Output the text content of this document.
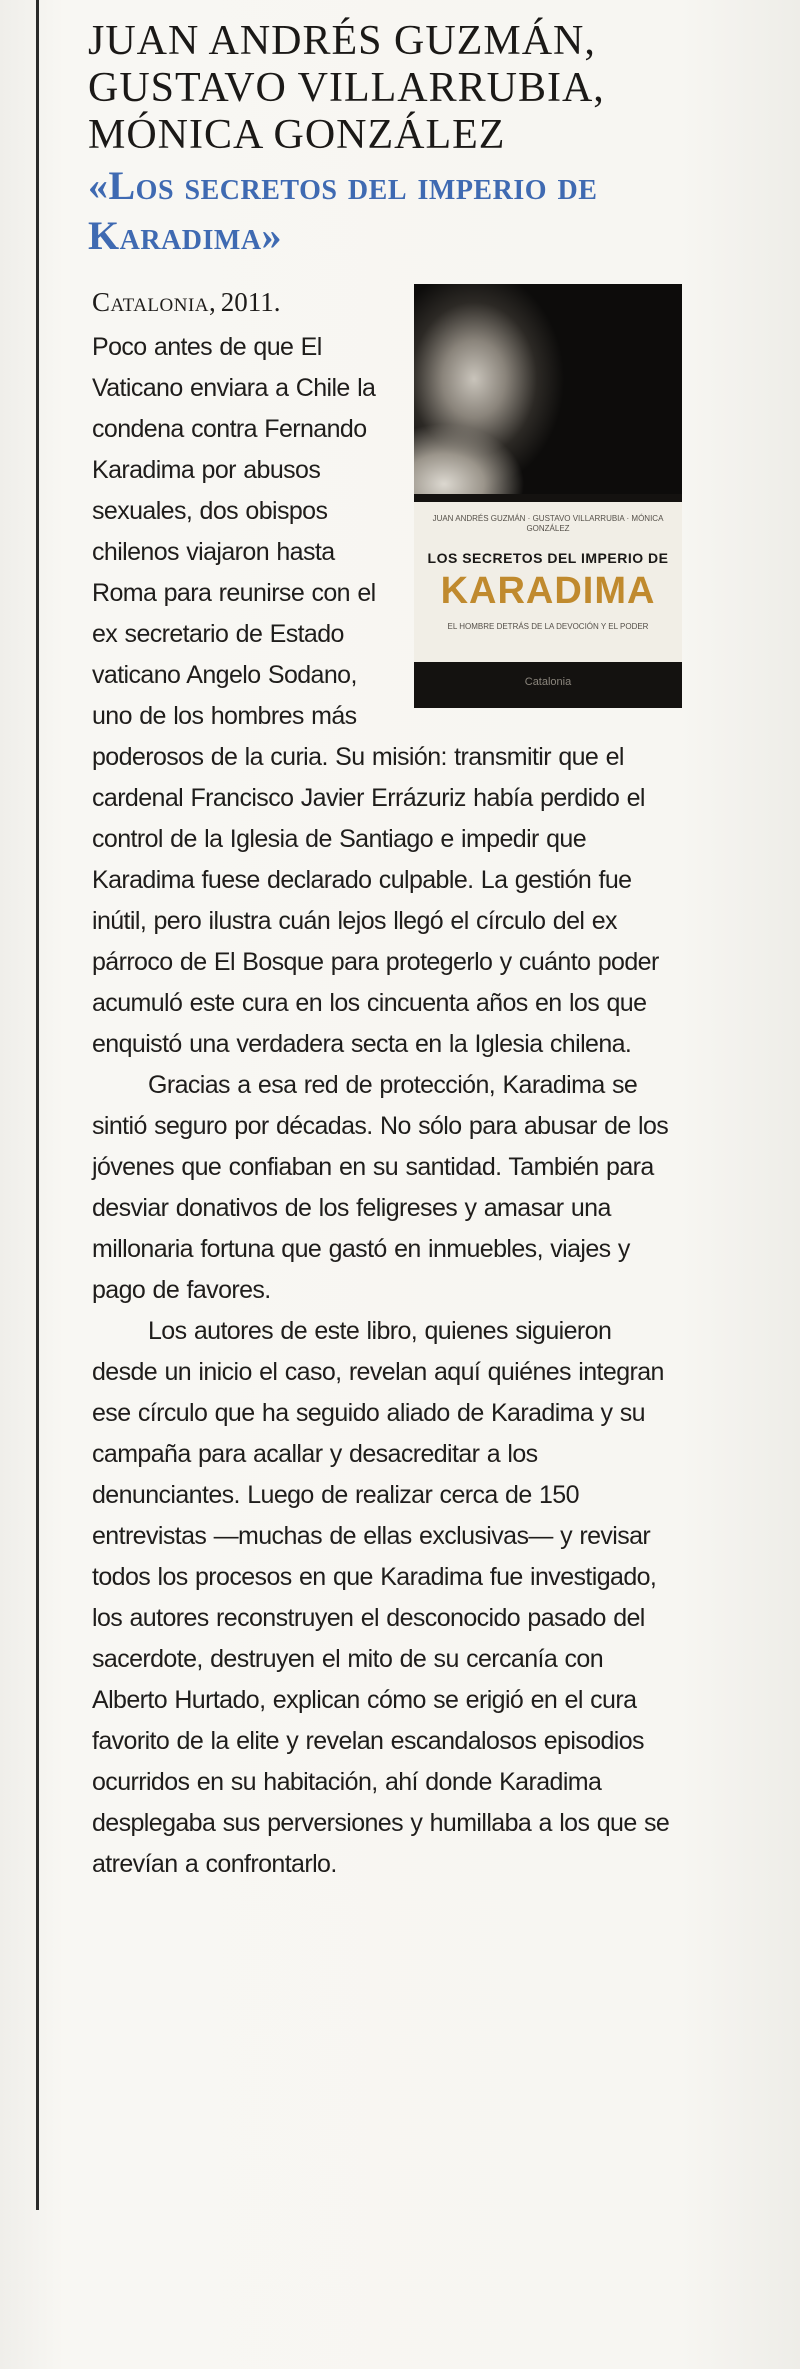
JUAN ANDRÉS GUZMÁN,
GUSTAVO VILLARRUBIA,
MÓNICA GONZÁLEZ
«Los secretos del imperio de Karadima»
JUAN ANDRÉS GUZMÁN · GUSTAVO VILLARRUBIA · MÓNICA GONZÁLEZ
LOS SECRETOS DEL IMPERIO DE
KARADIMA
EL HOMBRE DETRÁS DE LA DEVOCIÓN Y EL PODER
Catalonia
Catalonia, 2011.

Poco antes de que El Vaticano enviara a Chile la condena contra Fernando Karadima por abusos sexuales, dos obispos chilenos viajaron hasta Roma para reunirse con el ex secretario de Estado vaticano Angelo Sodano, uno de los hombres más poderosos de la curia. Su misión: transmitir que el cardenal Francisco Javier Errázuriz había perdido el control de la Iglesia de Santiago e impedir que Karadima fuese declarado culpable. La gestión fue inútil, pero ilustra cuán lejos llegó el círculo del ex párroco de El Bosque para protegerlo y cuánto poder acumuló este cura en los cincuenta años en los que enquistó una verdadera secta en la Iglesia chilena.

Gracias a esa red de protección, Karadima se sintió seguro por décadas. No sólo para abusar de los jóvenes que confiaban en su santidad. También para desviar donativos de los feligreses y amasar una millonaria fortuna que gastó en inmuebles, viajes y pago de favores.

Los autores de este libro, quienes siguieron desde un inicio el caso, revelan aquí quiénes integran ese círculo que ha seguido aliado de Karadima y su campaña para acallar y desacreditar a los denunciantes. Luego de realizar cerca de 150 entrevistas —muchas de ellas exclusivas— y revisar todos los procesos en que Karadima fue investigado, los autores reconstruyen el desconocido pasado del sacerdote, destruyen el mito de su cercanía con Alberto Hurtado, explican cómo se erigió en el cura favorito de la elite y revelan escandalosos episodios ocurridos en su habitación, ahí donde Karadima desplegaba sus perversiones y humillaba a los que se atrevían a confrontarlo.
